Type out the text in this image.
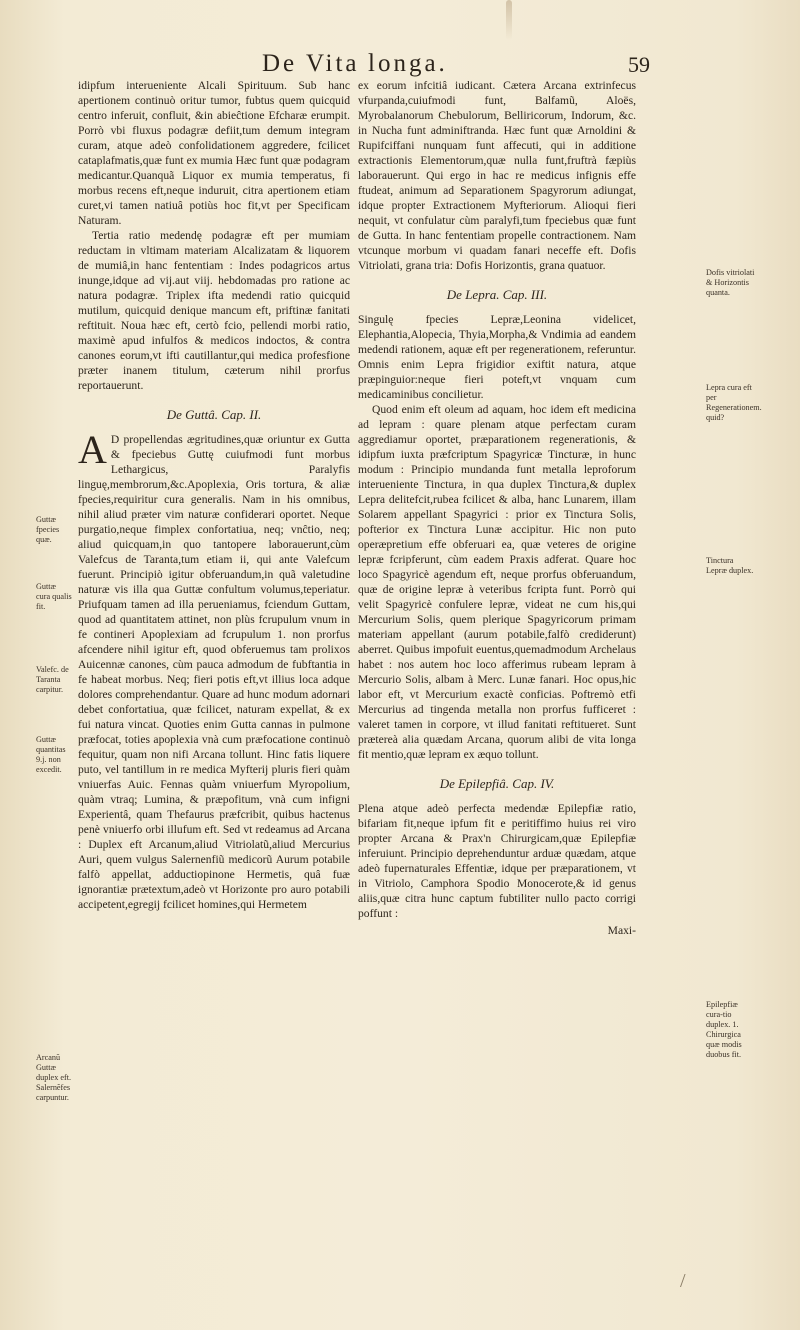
De Vita longa.	59

idipfum interueniente Alcali Spirituum. Sub hanc apertionem continuò oritur tumor, fubtus quem quicquid centro inferuit, confluit, &in abieĉtione Efcharæ erumpit. Porrò vbi fluxus podagræ defiit,tum demum integram curam, atque adeò confolidationem aggredere, fcilicet cataplafmatis,quæ funt ex mumia Hæc funt quæ podagram medicantur.Quanquã Liquor ex mumia temperatus, fi morbus recens eft,neque induruit, citra apertionem etiam curet,vi tamen natiuâ potiùs hoc fit,vt per Specificam Naturam.

Tertia ratio medendę podagræ eft per mumiam reductam in vltimam materiam Alcalizatam & liquorem de mumiâ,in hanc fententiam : Indes podagricos artus inunge,idque ad vij.aut viij. hebdomadas pro ratione ac natura podagræ. Triplex ifta medendi ratio quicquid mutilum, quicquid denique mancum eft, priftinæ fanitati reftituit. Noua hæc eft, certò fcio, pellendi morbi ratio, maximè apud infulfos & medicos indoctos, & contra canones eorum,vt ifti cautillantur,qui medica profesfione præter inanem titulum, cæterum nihil prorfus reportauerunt.

De Guttâ. Cap. II.

A D propellendas ægritudines,quæ oriuntur ex Gutta & fpeciebus Guttę cuiufmodi funt morbus Lethargicus, Paralyfis linguę,membrorum,&c.Apoplexia, Oris tortura, & aliæ fpecies,requiritur cura generalis. Nam in his omnibus, nihil aliud præter vim naturæ confiderari oportet. Neque purgatio,neque fimplex confortatiua, neq; vnĉtio, neq; aliud quicquam,in quo tantopere laborauerunt,cùm Valefcus de Taranta,tum etiam ii, qui ante Valefcum fuerunt. Principiò igitur obferuandum,in quã valetudine naturæ vis illa qua Guttæ confultum volumus,teperiatur. Priufquam tamen ad illa perueniamus, fciendum Guttam, quod ad quantitatem attinet, non plùs fcrupulum vnum in fe contineri Apoplexiam ad fcrupulum 1. non prorfus afcendere nihil igitur eft, quod obferuemus tam prolixos Auicennæ canones, cùm pauca admodum de fubftantia in fe habeat morbus. Neq; fieri potis eft,vt illius loca adque dolores comprehendantur. Quare ad hunc modum adornari debet confortatiua, quæ fcilicet, naturam expellat, & ex fui natura vincat. Quoties enim Gutta cannas in pulmone præfocat, toties apoplexia vnà cum præfocatione continuò fequitur, quam non nifi Arcana tollunt. Hinc fatis liquere puto, vel tantillum in re medica Myfterij pluris fieri quàm vniuerfas Auic. Fennas quàm vniuerfum Myropolium, quàm vtraq; Lumina, & præpofitum, vnà cum infigni Experientâ, quam Thefaurus præfcribit, quibus hactenus penè vniuerfo orbi illufum eft. Sed vt redeamus ad Arcana : Duplex eft Arcanum,aliud Vitriolatũ,aliud Mercurius Auri, quem vulgus Salernenfiũ medicorũ Aurum potabile falfò appellat, adductiopinone Hermetis, quâ fuæ ignorantiæ prætextum,adeò vt Horizonte pro auro potabili accipetent,egregij fcilicet homines,qui Hermetem

ex eorum infcitiâ iudicant. Cætera Arcana extrinfecus vfurpanda,cuiufmodi funt, Balfamũ, Aloës, Myrobalanorum Chebulorum, Belliricorum, Indorum, &c. in Nucha funt adminiftranda. Hæc funt quæ Arnoldini & Rupifciffani nunquam funt affecuti, qui in additione extractionis Elementorum,quæ nulla funt,fruftrà fæpiùs laborauerunt. Qui ergo in hac re medicus infignis effe ftudeat, animum ad Separationem Spagyrorum adiungat, idque propter Extractionem Myfteriorum. Alioqui fieri nequit, vt confulatur cùm paralyfi,tum fpeciebus quæ funt de Gutta. In hanc fententiam propelle contractionem. Nam vtcunque morbum vi quadam fanari neceffe eft. Dofis Vitriolati, grana tria: Dofis Horizontis, grana quatuor.

De Lepra. Cap. III.

Singulę fpecies Lepræ,Leonina videlicet, Elephantia,Alopecia, Thyia,Morpha,& Vndimia ad eandem medendi rationem, aquæ eft per regenerationem, referuntur. Omnis enim Lepra frigidior exiftit natura, atque præpinguior:neque fieri poteft,vt vnquam cum medicaminibus concilietur.

Quod enim eft oleum ad aquam, hoc idem eft medicina ad lepram : quare plenam atque perfectam curam aggrediamur oportet, præparationem regenerationis, & idipfum iuxta præfcriptum Spagyricæ Tincturæ, in hunc modum : Principio mundanda funt metalla leproforum interueniente Tinctura, in qua duplex Tinctura,& duplex Lepra delitefcit,rubea fcilicet & alba, hanc Lunarem, illam Solarem appellant Spagyrici : prior ex Tinctura Solis, pofterior ex Tinctura Lunæ accipitur. Hic non puto operæpretium effe obferuari ea, quæ veteres de origine lepræ fcripferunt, cùm eadem Praxis adferat. Quare hoc loco Spagyricè agendum eft, neque prorfus obferuandum, quæ de origine lepræ à veteribus fcripta funt. Porrò qui velit Spagyricè confulere lepræ, videat ne cum his,qui Mercurium Solis, quem plerique Spagyricorum primam materiam appellant (aurum potabile,falfò crediderunt) aberret. Quibus impofuit euentus,quemadmodum Archelaus habet : nos autem hoc loco afferimus rubeam lepram à Mercurio Solis, albam à Merc. Lunæ fanari. Hoc opus,hic labor eft, vt Mercurium exactè conficias. Poftremò etfi Mercurius ad tingenda metalla non prorfus fufficeret : valeret tamen in corpore, vt illud fanitati reftitueret. Sunt prætereà alia quædam Arcana, quorum alibi de vita longa fit mentio,quæ lepram ex æquo tollunt.

De Epilepfiâ. Cap. IV.

Plena atque adeò perfecta medendæ Epilepfiæ ratio, bifariam fit,neque ipfum fit e peritiffimo huius rei viro propter Arcana & Prax'n Chirurgicam,quæ Epilepfiæ inferuiunt. Principio deprehenduntur arduæ quædam, atque adeò fupernaturales Effentiæ, idque per præparationem, vt in Vitriolo, Camphora Spodio Monocerote,& id genus aliis,quæ citra hunc captum fubtiliter nullo pacto corrigi poffunt :

Maxi-

Guttæ fpecies quæ.
Guttæ cura qualis fit.
Valefc. de Taranta carpitur.
Guttæ quantitas 9.j. non excedit.
Arcanũ Guttæ duplex eft. Salernẽfes carpuntur.
Dofis vitriolati & Horizontis quanta.
Lepra cura eft per Regenerationem. quid?
Tinctura Lepræ duplex.
Epilepfiæ cura-tio duplex. 1. Chirurgica quæ modis duobus fit.
/
